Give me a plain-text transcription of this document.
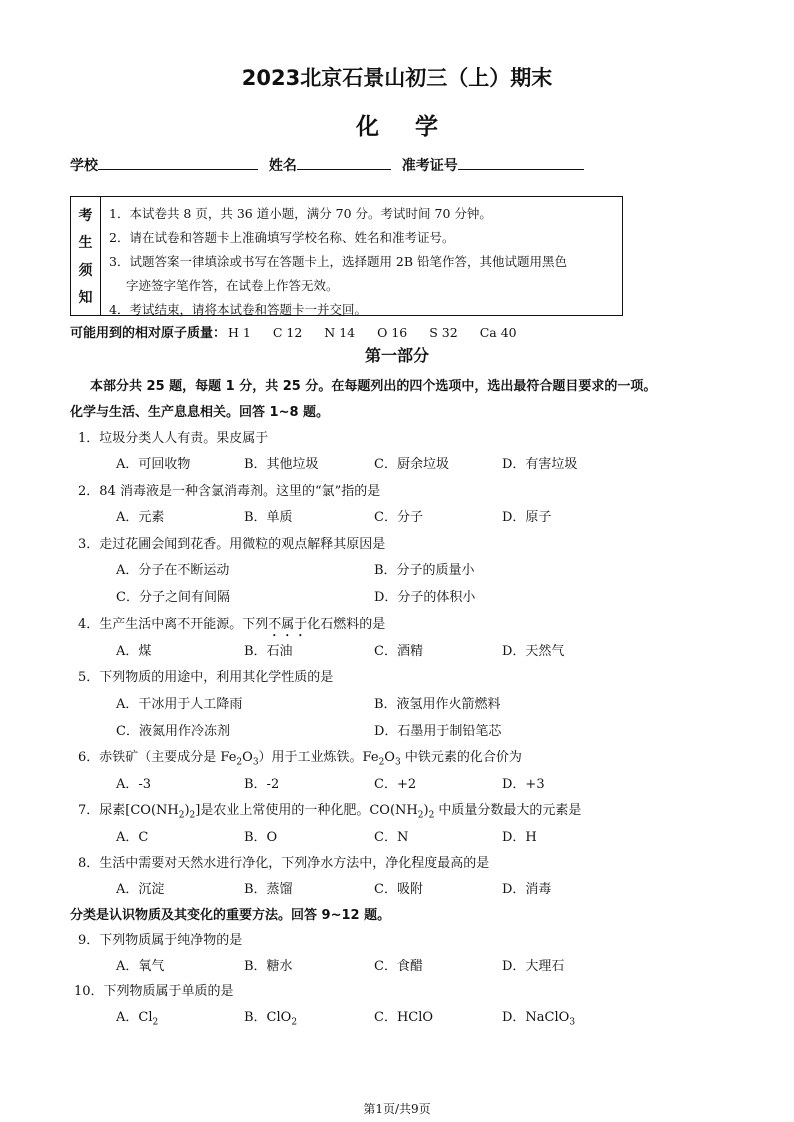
2023北京石景山初三（上）期末
化学
学校	姓名	准考证号
考
生
须
知
1．本试卷共 8 页，共 36 道小题，满分 70 分。考试时间 70 分钟。
2．请在试卷和答题卡上准确填写学校名称、姓名和准考证号。
3．试题答案一律填涂或书写在答题卡上，选择题用 2B 铅笔作答，其他试题用黑色
字迹签字笔作答，在试卷上作答无效。
4．考试结束，请将本试卷和答题卡一并交回。
可能用到的相对原子质量： H 1 C 12 N 14 O 16 S 32 Ca 40
第一部分
本部分共 25 题，每题 1 分，共 25 分。在每题列出的四个选项中，选出最符合题目要求的一项。
化学与生活、生产息息相关。回答 1~8 题。
1．垃圾分类人人有责。果皮属于
A．可回收物	B．其他垃圾	C．厨余垃圾	D．有害垃圾
2．84 消毒液是一种含氯消毒剂。这里的“氯”指的是
A．元素	B．单质	C．分子	D．原子
3．走过花圃会闻到花香。用微粒的观点解释其原因是
A．分子在不断运动	B．分子的质量小
C．分子之间有间隔	D．分子的体积小
4．生产生活中离不开能源。下列不属于化石燃料的是
A．煤	B．石油	C．酒精	D．天然气
5．下列物质的用途中，利用其化学性质的是
A．干冰用于人工降雨	B．液氢用作火箭燃料
C．液氮用作冷冻剂	D．石墨用于制铅笔芯
6．赤铁矿（主要成分是 $Fe_2O_3$）用于工业炼铁。$Fe_2O_3$ 中铁元素的化合价为
A．-3	B．-2	C．+2	D．+3
7．尿素$[CO(NH_2)_2]$是农业上常使用的一种化肥。$CO(NH_2)_2$ 中质量分数最大的元素是
A．C	B．O	C．N	D．H
8．生活中需要对天然水进行净化，下列净水方法中，净化程度最高的是
A．沉淀	B．蒸馏	C．吸附	D．消毒
分类是认识物质及其变化的重要方法。回答 9~12 题。
9．下列物质属于纯净物的是
A．氧气	B．糖水	C．食醋	D．大理石
10．下列物质属于单质的是
A．$Cl_2$	B．ClO$_2$	C．HClO	D．NaClO$_3$
第1页/共9页
